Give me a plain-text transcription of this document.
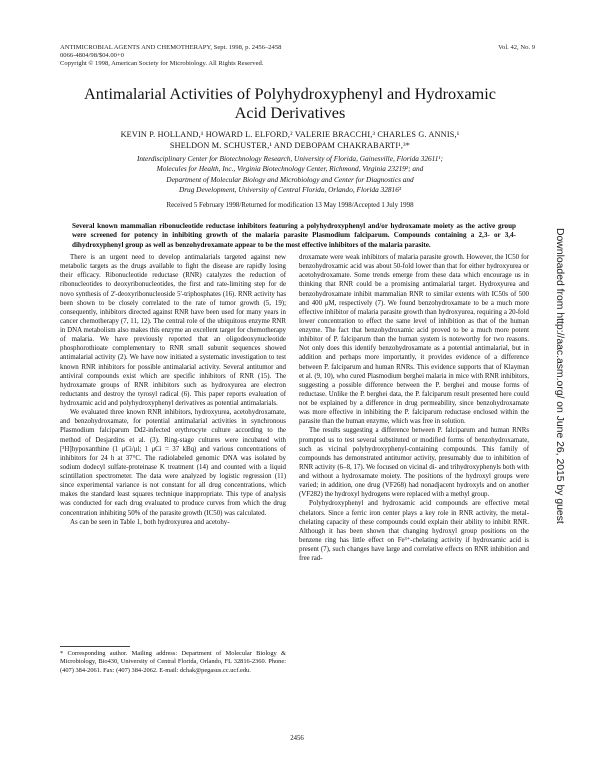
ANTIMICROBIAL AGENTS AND CHEMOTHERAPY, Sept. 1998, p. 2456–2458
0066-4804/98/$04.00+0
Copyright © 1998, American Society for Microbiology. All Rights Reserved.
Vol. 42, No. 9
Antimalarial Activities of Polyhydroxyphenyl and Hydroxamic
Acid Derivatives
KEVIN P. HOLLAND,¹ HOWARD L. ELFORD,² VALERIE BRACCHI,³ CHARLES G. ANNIS,¹
SHELDON M. SCHUSTER,¹ AND DEBOPAM CHAKRABARTI¹,³*
Interdisciplinary Center for Biotechnology Research, University of Florida, Gainesville, Florida 32611¹;
Molecules for Health, Inc., Virginia Biotechnology Center, Richmond, Virginia 23219²; and
Department of Molecular Biology and Microbiology and Center for Diagnostics and
Drug Development, University of Central Florida, Orlando, Florida 32816³
Received 5 February 1998/Returned for modification 13 May 1998/Accepted 1 July 1998
Several known mammalian ribonucleotide reductase inhibitors featuring a polyhydroxyphenyl and/or hydroxamate moiety as the active group were screened for potency in inhibiting growth of the malaria parasite Plasmodium falciparum. Compounds containing a 2,3- or 3,4-dihydroxyphenyl group as well as benzohydroxamate appear to be the most effective inhibitors of the malaria parasite.

There is an urgent need to develop antimalarials targeted against new metabolic targets as the drugs available to fight the disease are rapidly losing their efficacy. Ribonucleotide reductase (RNR) catalyzes the reduction of ribonucleotides to deoxyribonucleotides, the first and rate-limiting step for de novo synthesis of 2'-deoxyribonucleoside 5'-triphosphates (16). RNR activity has been shown to be closely correlated to the rate of tumor growth (5, 19); consequently, inhibitors directed against RNR have been used for many years in cancer chemotherapy (7, 11, 12). The central role of the ubiquitous enzyme RNR in DNA metabolism also makes this enzyme an excellent target for chemotherapy of malaria. We have previously reported that an oligodeoxynucleotide phosphorothioate complementary to RNR small subunit sequences showed antimalarial activity (2). We have now initiated a systematic investigation to test known RNR inhibitors for possible antimalarial activity. Several antitumor and antiviral compounds exist which are specific inhibitors of RNR (15). The hydroxamate groups of RNR inhibitors such as hydroxyurea are electron reductants and destroy the tyrosyl radical (6). This paper reports evaluation of hydroxamic acid and polyhydroxyphenyl derivatives as potential antimalarials.

We evaluated three known RNR inhibitors, hydroxyurea, acetohydroxamate, and benzohydroxamate, for potential antimalarial activities in synchronous Plasmodium falciparum Dd2-infected erythrocyte culture according to the method of Desjardins et al. (3). Ring-stage cultures were incubated with [³H]hypoxanthine (1 μCi/μl; 1 μCi = 37 kBq) and various concentrations of inhibitors for 24 h at 37°C. The radiolabeled genomic DNA was isolated by sodium dodecyl sulfate-proteinase K treatment (14) and counted with a liquid scintillation spectrometer. The data were analyzed by logistic regression (11) since experimental variance is not constant for all drug concentrations, which makes the standard least squares technique inappropriate. This type of analysis was conducted for each drug evaluated to produce curves from which the drug concentration inhibiting 50% of the parasite growth (IC50) was calculated.

As can be seen in Table 1, both hydroxyurea and acetohy-

droxamate were weak inhibitors of malaria parasite growth. However, the IC50 for benzohydroxamic acid was about 50-fold lower than that for either hydroxyurea or acetohydroxamate. Some trends emerge from these data which encourage us in thinking that RNR could be a promising antimalarial target. Hydroxyurea and benzohydroxamate inhibit mammalian RNR to similar extents with IC50s of 500 and 400 μM, respectively (7). We found benzohydroxamate to be a much more effective inhibitor of malaria parasite growth than hydroxyurea, requiring a 20-fold lower concentration to effect the same level of inhibition as that of the human enzyme. The fact that benzohydroxamic acid proved to be a much more potent inhibitor of P. falciparum than the human system is noteworthy for two reasons. Not only does this identify benzohydroxamate as a potential antimalarial, but in addition and perhaps more importantly, it provides evidence of a difference between P. falciparum and human RNRs. This evidence supports that of Klayman et al. (9, 10), who cured Plasmodium berghei malaria in mice with RNR inhibitors, suggesting a possible difference between the P. berghei and mouse forms of reductase. Unlike the P. berghei data, the P. falciparum result presented here could not be explained by a difference in drug permeability, since benzohydroxamate was more effective in inhibiting the P. falciparum reductase enclosed within the parasite than the human enzyme, which was free in solution.

The results suggesting a difference between P. falciparum and human RNRs prompted us to test several substituted or modified forms of benzohydroxamate, such as vicinal polyhydroxyphenyl-containing compounds. This family of compounds has demonstrated antitumor activity, presumably due to inhibition of RNR activity (6–8, 17). We focused on vicinal di- and trihydroxyphenyls both with and without a hydroxamate moiety. The positions of the hydroxyl groups were varied; in addition, one drug (VF268) had nonadjacent hydroxyls and on another (VF282) the hydroxyl hydrogens were replaced with a methyl group.

Polyhydroxyphenyl and hydroxamic acid compounds are effective metal chelators. Since a ferric iron center plays a key role in RNR activity, the metal-chelating capacity of these compounds could explain their ability to inhibit RNR. Although it has been shown that changing hydroxyl group positions on the benzene ring has little effect on Fe³⁺-chelating activity if hydroxamic acid is present (7), such changes have large and correlative effects on RNR inhibition and free rad-

Downloaded from http://aac.asm.org/ on June 26, 2015 by guest
* Corresponding author. Mailing address: Department of Molecular Biology & Microbiology, Bio430, University of Central Florida, Orlando, FL 32816-2360. Phone: (407) 384-2061. Fax: (407) 384-2062. E-mail: dchak@pegasus.cc.ucf.edu.
2456
